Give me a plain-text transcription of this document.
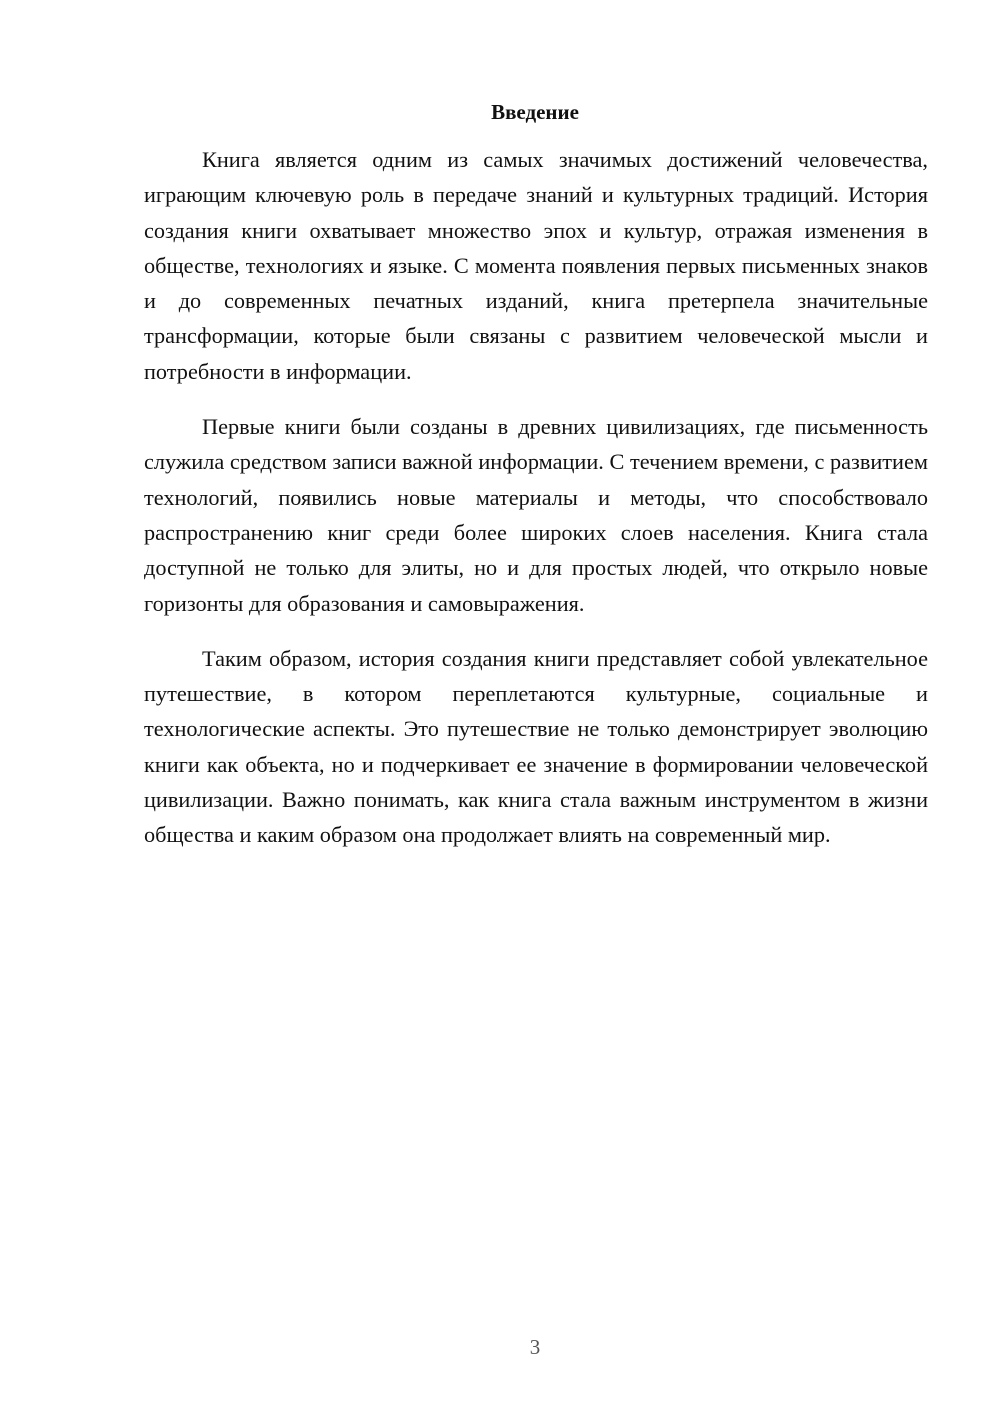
Введение

Книга является одним из самых значимых достижений человечества, играющим ключевую роль в передаче знаний и культурных традиций. История создания книги охватывает множество эпох и культур, отражая изменения в обществе, технологиях и языке. С момента появления первых письменных знаков и до современных печатных изданий, книга претерпела значительные трансформации, которые были связаны с развитием человеческой мысли и потребности в информации.

Первые книги были созданы в древних цивилизациях, где письменность служила средством записи важной информации. С течением времени, с развитием технологий, появились новые материалы и методы, что способствовало распространению книг среди более широких слоев населения. Книга стала доступной не только для элиты, но и для простых людей, что открыло новые горизонты для образования и самовыражения.

Таким образом, история создания книги представляет собой увлекательное путешествие, в котором переплетаются культурные, социальные и технологические аспекты. Это путешествие не только демонстрирует эволюцию книги как объекта, но и подчеркивает ее значение в формировании человеческой цивилизации. Важно понимать, как книга стала важным инструментом в жизни общества и каким образом она продолжает влиять на современный мир.

3
